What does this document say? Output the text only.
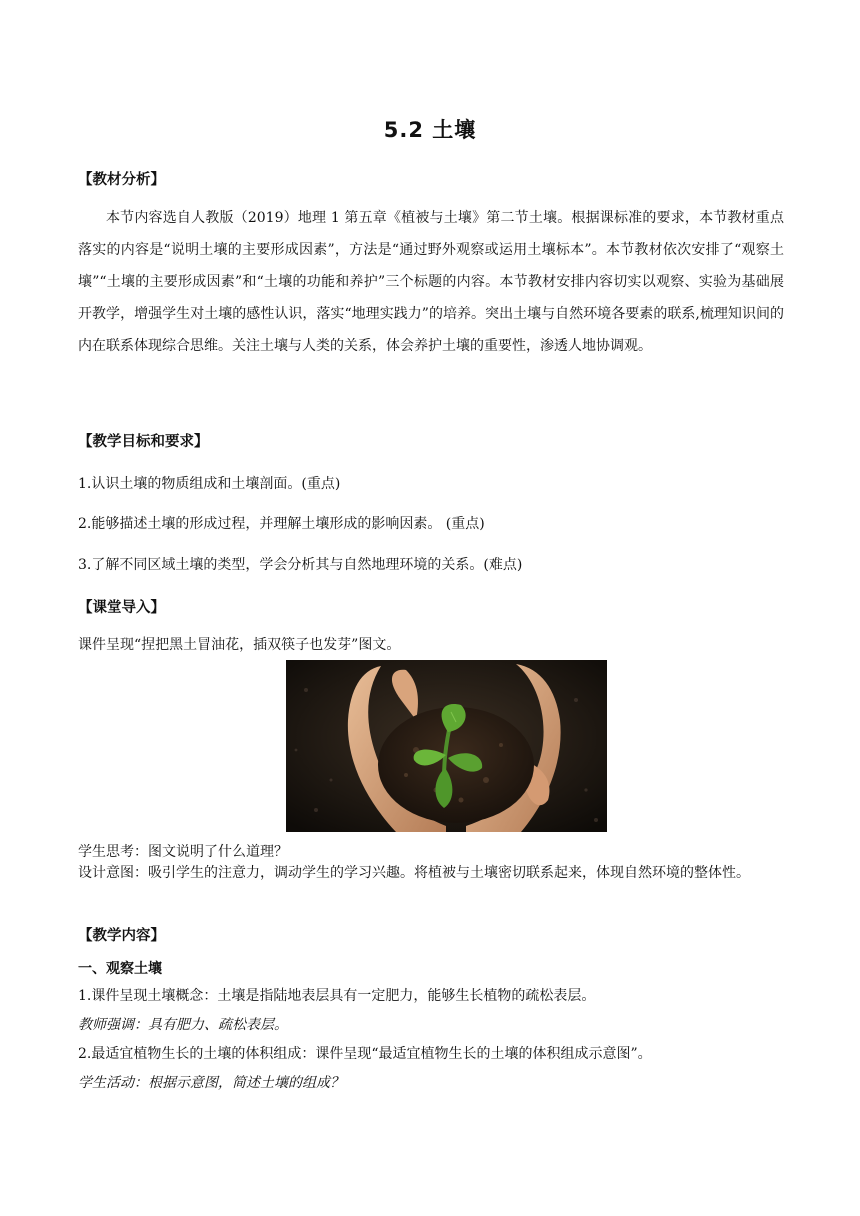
5.2 土壤
【教材分析】
本节内容选自人教版（2019）地理 1 第五章《植被与土壤》第二节土壤。根据课标准的要求，本节教材重点落实的内容是“说明土壤的主要形成因素”，方法是“通过野外观察或运用土壤标本”。本节教材依次安排了“观察土壤”“土壤的主要形成因素”和“土壤的功能和养护”三个标题的内容。本节教材安排内容切实以观察、实验为基础展开教学，增强学生对土壤的感性认识，落实“地理实践力”的培养。突出土壤与自然环境各要素的联系,梳理知识间的内在联系体现综合思维。关注土壤与人类的关系，体会养护土壤的重要性，渗透人地协调观。
【教学目标和要求】
1.认识土壤的物质组成和土壤剖面。(重点)
2.能够描述土壤的形成过程，并理解土壤形成的影响因素。 (重点)
3.了解不同区域土壤的类型，学会分析其与自然地理环境的关系。(难点)
【课堂导入】
课件呈现“捏把黑土冒油花，插双筷子也发芽”图文。
学生思考：图文说明了什么道理？
设计意图：吸引学生的注意力，调动学生的学习兴趣。将植被与土壤密切联系起来，体现自然环境的整体性。
【教学内容】
一、观察土壤
1.课件呈现土壤概念：土壤是指陆地表层具有一定肥力，能够生长植物的疏松表层。
教师强调：具有肥力、疏松表层。
2.最适宜植物生长的土壤的体积组成：课件呈现“最适宜植物生长的土壤的体积组成示意图”。
学生活动：根据示意图，简述土壤的组成？
